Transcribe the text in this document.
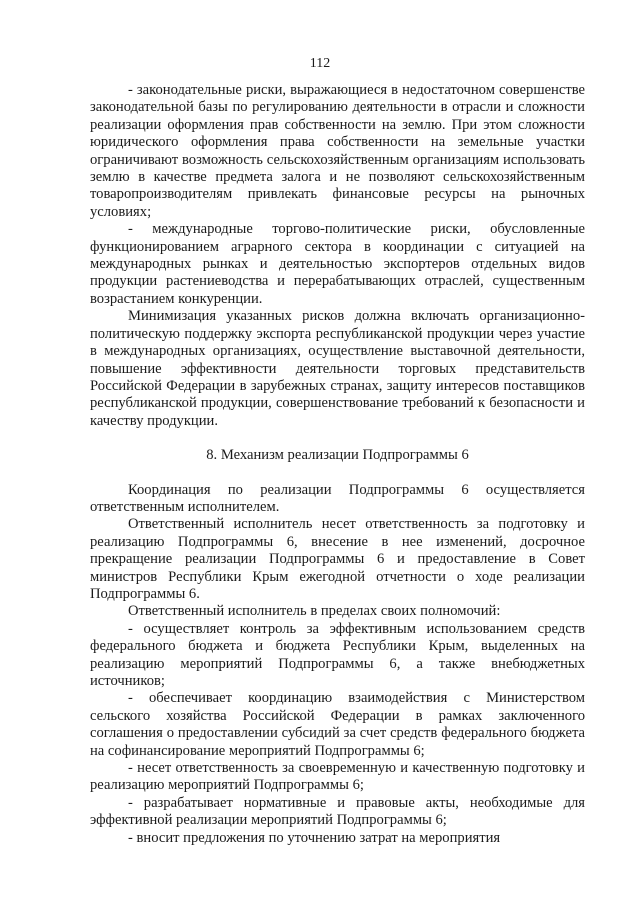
112

- законодательные риски, выражающиеся в недостаточном совершенстве законодательной базы по регулированию деятельности в отрасли и сложности реализации оформления прав собственности на землю. При этом сложности юридического оформления права собственности на земельные участки ограничивают возможность сельскохозяйственным организациям использовать землю в качестве предмета залога и не позволяют сельскохозяйственным товаропроизводителям привлекать финансовые ресурсы на рыночных условиях;

- международные торгово-политические риски, обусловленные функционированием аграрного сектора в координации с ситуацией на международных рынках и деятельностью экспортеров отдельных видов продукции растениеводства и перерабатывающих отраслей, существенным возрастанием конкуренции.

Минимизация указанных рисков должна включать организационно-политическую поддержку экспорта республиканской продукции через участие в международных организациях, осуществление выставочной деятельности, повышение эффективности деятельности торговых представительств Российской Федерации в зарубежных странах, защиту интересов поставщиков республиканской продукции, совершенствование требований к безопасности и качеству продукции.

8. Механизм реализации Подпрограммы 6

Координация по реализации Подпрограммы 6 осуществляется ответственным исполнителем.

Ответственный исполнитель несет ответственность за подготовку и реализацию Подпрограммы 6, внесение в нее изменений, досрочное прекращение реализации Подпрограммы 6 и предоставление в Совет министров Республики Крым ежегодной отчетности о ходе реализации Подпрограммы 6.

Ответственный исполнитель в пределах своих полномочий:

- осуществляет контроль за эффективным использованием средств федерального бюджета и бюджета Республики Крым, выделенных на реализацию мероприятий Подпрограммы 6, а также внебюджетных источников;

- обеспечивает координацию взаимодействия с Министерством сельского хозяйства Российской Федерации в рамках заключенного соглашения о предоставлении субсидий за счет средств федерального бюджета на софинансирование мероприятий Подпрограммы 6;

- несет ответственность за своевременную и качественную подготовку и реализацию мероприятий Подпрограммы 6;

- разрабатывает нормативные и правовые акты, необходимые для эффективной реализации мероприятий Подпрограммы 6;

- вносит предложения по уточнению затрат на мероприятия
